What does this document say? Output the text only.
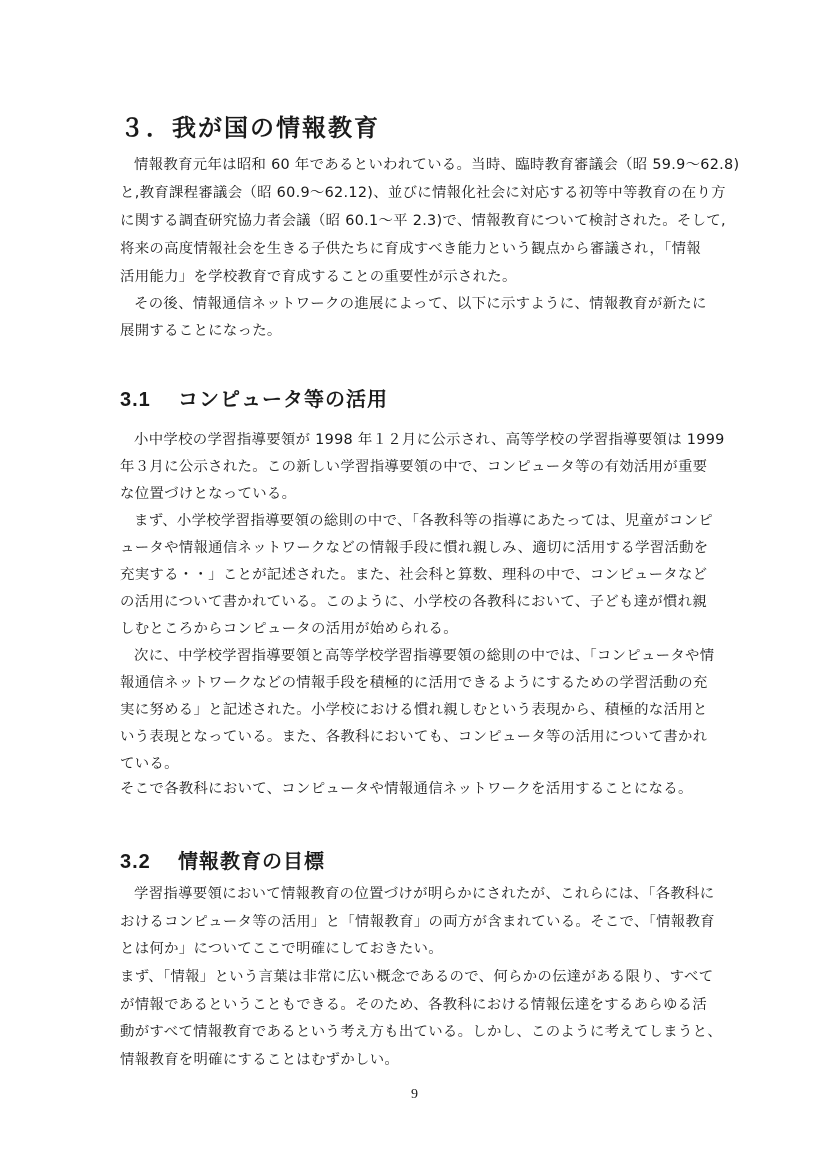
３．我が国の情報教育
情報教育元年は昭和 60 年であるといわれている。当時、臨時教育審議会（昭 59.9～62.8)
と,教育課程審議会（昭 60.9～62.12)、並びに情報化社会に対応する初等中等教育の在り方
に関する調査研究協力者会議（昭 60.1～平 2.3)で、情報教育について検討された。そして,
将来の高度情報社会を生きる子供たちに育成すべき能力という観点から審議され，「情報
活用能力」を学校教育で育成することの重要性が示された。
その後、情報通信ネットワークの進展によって、以下に示すように、情報教育が新たに
展開することになった。
3.1 コンピュータ等の活用
小中学校の学習指導要領が 1998 年１２月に公示され、高等学校の学習指導要領は 1999
年３月に公示された。この新しい学習指導要領の中で、コンピュータ等の有効活用が重要
な位置づけとなっている。
まず、小学校学習指導要領の総則の中で、「各教科等の指導にあたっては、児童がコンピ
ュータや情報通信ネットワークなどの情報手段に慣れ親しみ、適切に活用する学習活動を
充実する・・」ことが記述された。また、社会科と算数、理科の中で、コンピュータなど
の活用について書かれている。このように、小学校の各教科において、子ども達が慣れ親
しむところからコンピュータの活用が始められる。
次に、中学校学習指導要領と高等学校学習指導要領の総則の中では、「コンピュータや情
報通信ネットワークなどの情報手段を積極的に活用できるようにするための学習活動の充
実に努める」と記述された。小学校における慣れ親しむという表現から、積極的な活用と
いう表現となっている。また、各教科においても、コンピュータ等の活用について書かれ
ている。
そこで各教科において、コンピュータや情報通信ネットワークを活用することになる。
3.2 情報教育の目標
学習指導要領において情報教育の位置づけが明らかにされたが、これらには、「各教科に
おけるコンピュータ等の活用」と「情報教育」の両方が含まれている。そこで、「情報教育
とは何か」についてここで明確にしておきたい。
まず、「情報」という言葉は非常に広い概念であるので、何らかの伝達がある限り、すべて
が情報であるということもできる。そのため、各教科における情報伝達をするあらゆる活
動がすべて情報教育であるという考え方も出ている。しかし、このように考えてしまうと、
情報教育を明確にすることはむずかしい。
9
